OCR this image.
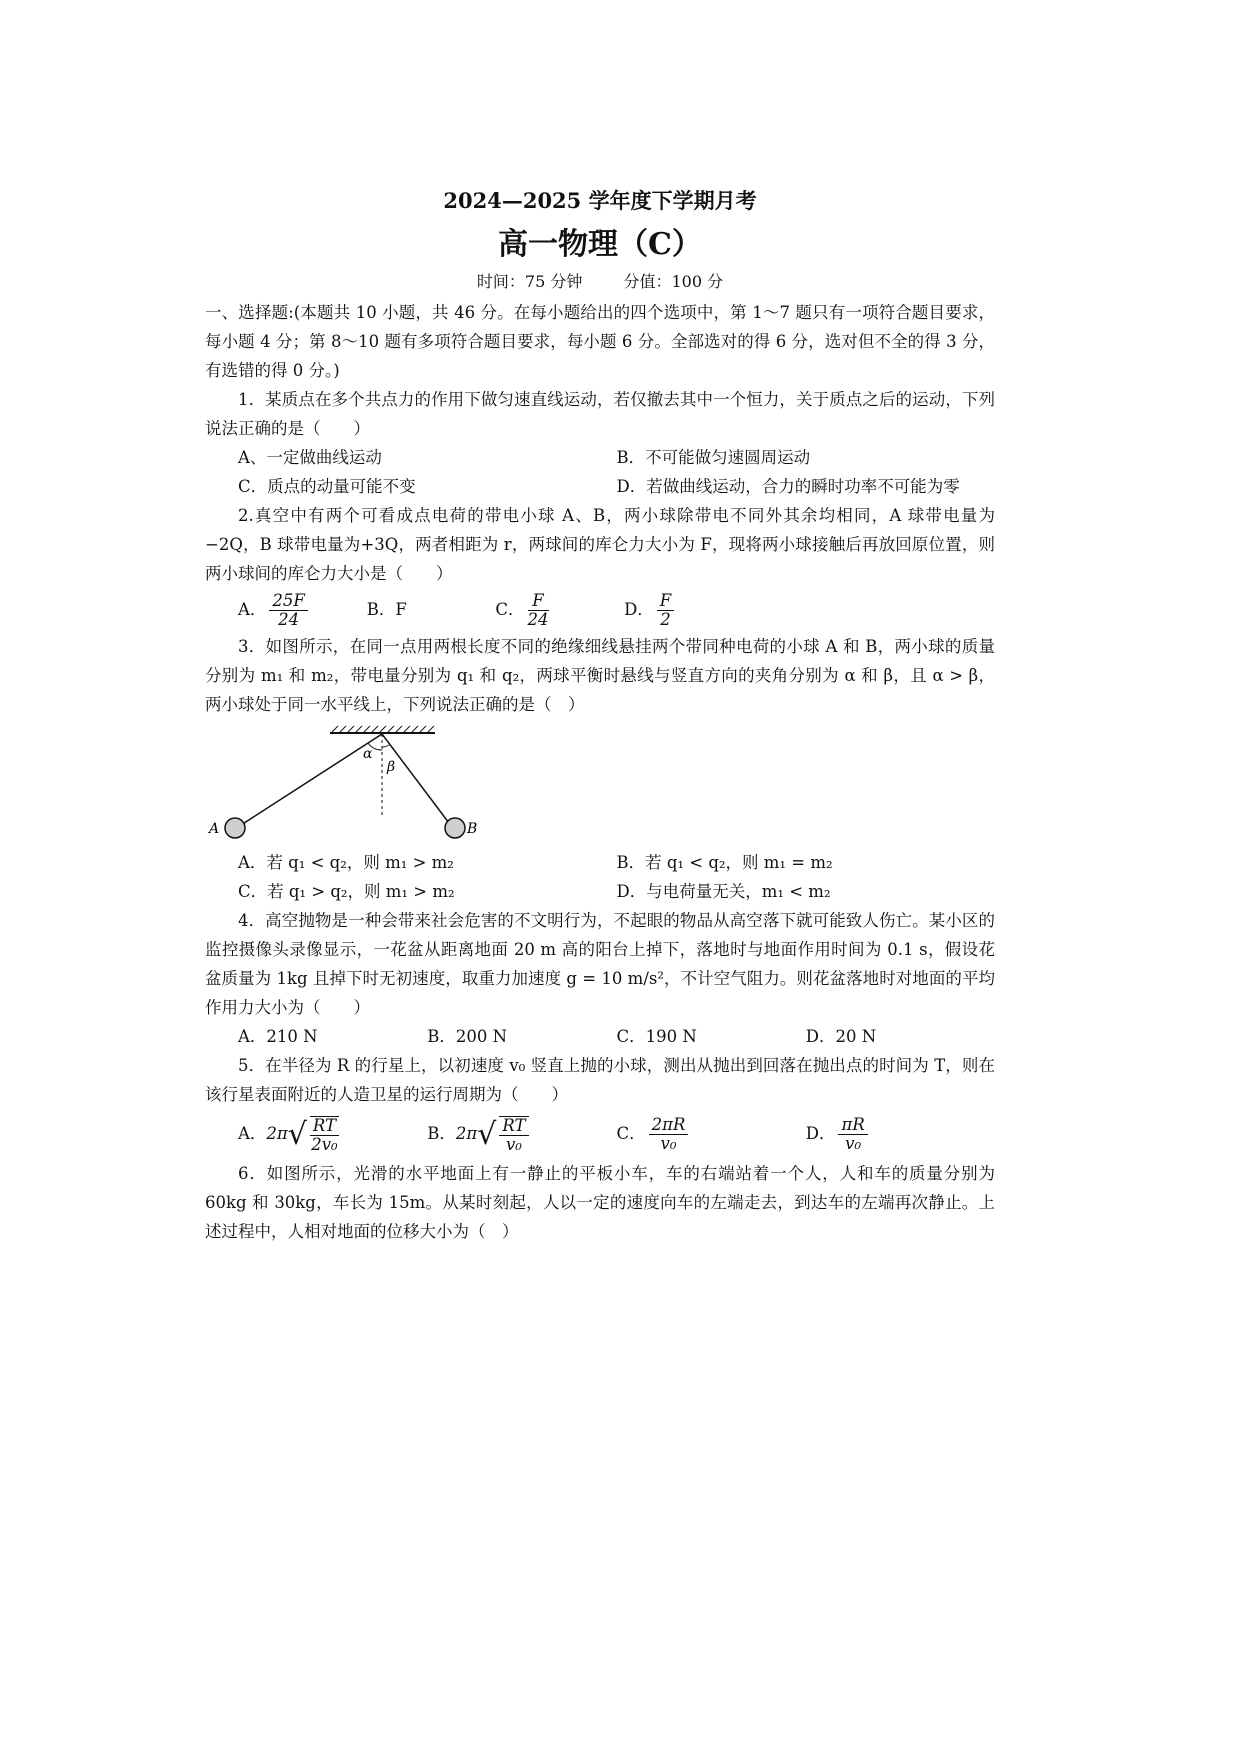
2024—2025 学年度下学期月考
高一物理（C）
时间：75 分钟	分值：100 分
一、选择题:(本题共 10 小题，共 46 分。在每小题给出的四个选项中，第 1～7 题只有一项符合题目要求，每小题 4 分；第 8～10 题有多项符合题目要求，每小题 6 分。全部选对的得 6 分，选对但不全的得 3 分，有选错的得 0 分。)
1．某质点在多个共点力的作用下做匀速直线运动，若仅撤去其中一个恒力，关于质点之后的运动，下列说法正确的是（　　）
A、一定做曲线运动	B．不可能做匀速圆周运动
C．质点的动量可能不变	D．若做曲线运动，合力的瞬时功率不可能为零
2.真空中有两个可看成点电荷的带电小球 A、B，两小球除带电不同外其余均相同，A 球带电量为−2Q，B 球带电量为+3Q，两者相距为 r，两球间的库仑力大小为 F，现将两小球接触后再放回原位置，则两小球间的库仑力大小是（　　）
A． $\frac{25F}{24}$	B．F	C． $\frac{F}{24}$	D． $\frac{F}{2}$
3．如图所示，在同一点用两根长度不同的绝缘细线悬挂两个带同种电荷的小球 A 和 B，两小球的质量分别为 m₁ 和 m₂，带电量分别为 q₁ 和 q₂，两球平衡时悬线与竖直方向的夹角分别为 α 和 β，且 α > β，两小球处于同一水平线上，下列说法正确的是（　）
α
β
A	B
A．若 q₁ < q₂，则 m₁ > m₂	B．若 q₁ < q₂，则 m₁ = m₂
C．若 q₁ > q₂，则 m₁ > m₂	D．与电荷量无关，m₁ < m₂
4．高空抛物是一种会带来社会危害的不文明行为，不起眼的物品从高空落下就可能致人伤亡。某小区的监控摄像头录像显示，一花盆从距离地面 20 m 高的阳台上掉下，落地时与地面作用时间为 0.1 s，假设花盆质量为 1kg 且掉下时无初速度，取重力加速度 g = 10 m/s²，不计空气阻力。则花盆落地时对地面的平均作用力大小为（　　）
A．210 N	B．200 N	C．190 N	D．20 N
5．在半径为 R 的行星上，以初速度 v₀ 竖直上抛的小球，测出从抛出到回落在抛出点的时间为 T，则在该行星表面附近的人造卫星的运行周期为（　　）
A．2π √ $\frac{RT}{\text{2v₀}}$	B．2π √ $\frac{RT}{\text{v₀}}$	C． $\frac{2\pi R}{\text{v₀}}$	D． $\frac{\pi R}{\text{v₀}}$
6．如图所示，光滑的水平地面上有一静止的平板小车，车的右端站着一个人，人和车的质量分别为 60kg 和 30kg，车长为 15m。从某时刻起，人以一定的速度向车的左端走去，到达车的左端再次静止。上述过程中，人相对地面的位移大小为（　）
